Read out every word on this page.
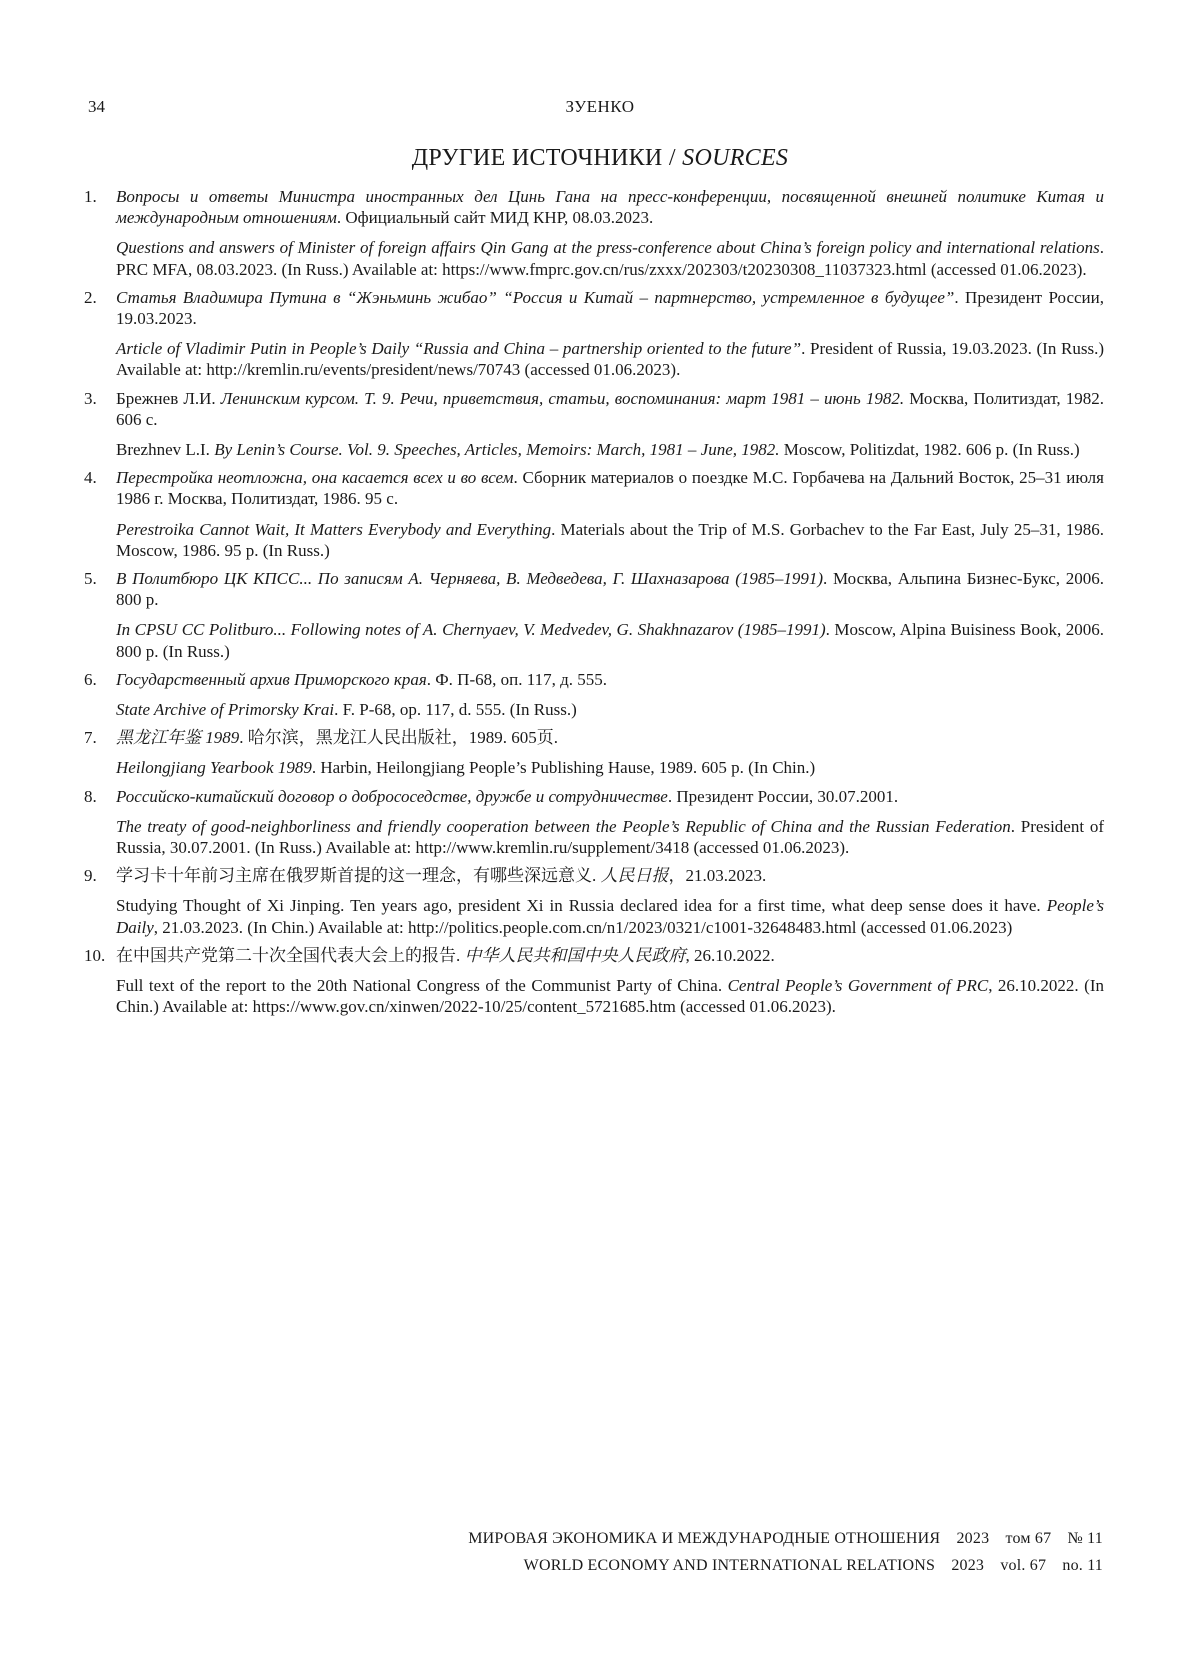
34	ЗУЕНКО
ДРУГИЕ ИСТОЧНИКИ / SOURCES
1. Вопросы и ответы Министра иностранных дел Цинь Гана на пресс-конференции, посвященной внешней политике Китая и международным отношениям. Официальный сайт МИД КНР, 08.03.2023.

Questions and answers of Minister of foreign affairs Qin Gang at the press-conference about China’s foreign policy and international relations. PRC MFA, 08.03.2023. (In Russ.) Available at: https://www.fmprc.gov.cn/rus/zxxx/202303/t20230308_11037323.html (accessed 01.06.2023).

2. Статья Владимира Путина в “Жэньминь жибао” “Россия и Китай – партнерство, устремленное в будущее”. Президент России, 19.03.2023.

Article of Vladimir Putin in People’s Daily “Russia and China – partnership oriented to the future”. President of Russia, 19.03.2023. (In Russ.) Available at: http://kremlin.ru/events/president/news/70743 (accessed 01.06.2023).

3. Брежнев Л.И. Ленинским курсом. Т. 9. Речи, приветствия, статьи, воспоминания: март 1981 – июнь 1982. Москва, Политиздат, 1982. 606 с.

Brezhnev L.I. By Lenin’s Course. Vol. 9. Speeches, Articles, Memoirs: March, 1981 – June, 1982. Moscow, Politizdat, 1982. 606 p. (In Russ.)

4. Перестройка неотложна, она касается всех и во всем. Сборник материалов о поездке М.С. Горбачева на Дальний Восток, 25–31 июля 1986 г. Москва, Политиздат, 1986. 95 с.

Perestroika Cannot Wait, It Matters Everybody and Everything. Materials about the Trip of M.S. Gorbachev to the Far East, July 25–31, 1986. Moscow, 1986. 95 p. (In Russ.)

5. В Политбюро ЦК КПСС... По записям А. Черняева, В. Медведева, Г. Шахназарова (1985–1991). Москва, Альпина Бизнес-Букс, 2006. 800 р.

In CPSU CC Politburo... Following notes of A. Chernyaev, V. Medvedev, G. Shakhnazarov (1985–1991). Moscow, Alpina Buisiness Book, 2006. 800 p. (In Russ.)

6. Государственный архив Приморского края. Ф. П-68, оп. 117, д. 555.

State Archive of Primorsky Krai. F. P-68, op. 117, d. 555. (In Russ.)

7. 黑龙江年鉴 1989. 哈尔滨，黑龙江人民出版社，1989. 605页.

Heilongjiang Yearbook 1989. Harbin, Heilongjiang People’s Publishing Hause, 1989. 605 p. (In Chin.)

8. Российско-китайский договор о добрососедстве, дружбе и сотрудничестве. Президент России, 30.07.2001.

The treaty of good-neighborliness and friendly cooperation between the People’s Republic of China and the Russian Federation. President of Russia, 30.07.2001. (In Russ.) Available at: http://www.kremlin.ru/supplement/3418 (accessed 01.06.2023).

9. 学习卡十年前习主席在俄罗斯首提的这一理念，有哪些深远意义. 人民日报，21.03.2023.

Studying Thought of Xi Jinping. Ten years ago, president Xi in Russia declared idea for a first time, what deep sense does it have. People’s Daily, 21.03.2023. (In Chin.) Available at: http://politics.people.com.cn/n1/2023/0321/c1001-32648483.html (accessed 01.06.2023)

10. 在中国共产党第二十次全国代表大会上的报告. 中华人民共和国中央人民政府, 26.10.2022.

Full text of the report to the 20th National Congress of the Communist Party of China. Central People’s Government of PRC, 26.10.2022. (In Chin.) Available at: https://www.gov.cn/xinwen/2022-10/25/content_5721685.htm (accessed 01.06.2023).

МИРОВАЯ ЭКОНОМИКА И МЕЖДУНАРОДНЫЕ ОТНОШЕНИЯ 2023 том 67 № 11
WORLD ECONOMY AND INTERNATIONAL RELATIONS 2023 vol. 67 no. 11
